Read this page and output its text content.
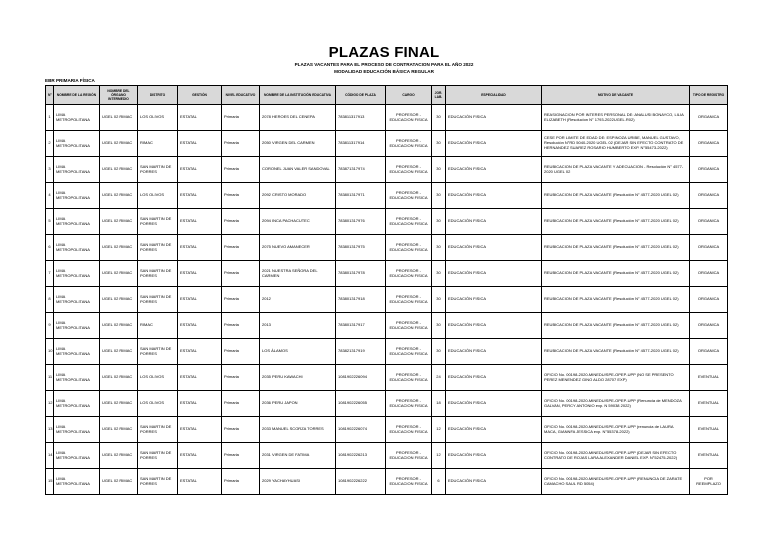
PLAZAS FINAL
PLAZAS VACANTES PARA EL PROCESO DE CONTRATACION PARA EL AÑO 2022
MODALIDAD EDUCACIÓN BÁSICA REGULAR
EBR PRIMARIA FÍSICA
N°	NOMBRE DE LA REGIÓN	NOMBRE DEL ÓRGANO INTERMEDIO	DISTRITO	GESTIÓN	NIVEL EDUCATIVO	NOMBRE DE LA INSTITUCIÓN EDUCATIVA	CÓDIGO DE PLAZA	CARGO	JOR. LAB.	ESPECIALIDAD	MOTIVO DE VACANTE	TIPO DE REGISTRO
1	LIMA METROPOLITANA	UGEL 02 RIMAC	LOS OLIVOS	ESTATAL	Primaria	2078 HEROES DEL CENEPA	783811317913	PROFESOR - EDUCACION FISICA	30	EDUCACIÓN FISICA	REASIGNACION POR INTERES PERSONAL DE: ANALUSI BONAYCO, LILIA ELIZABETH (Resolucion N° 1793-2022UGEL.R02)	ORGANICA
2	LIMA METROPOLITANA	UGEL 02 RIMAC	RIMAC	ESTATAL	Primaria	2050 VIRGEN DEL CARMEN	783811317914	PROFESOR - EDUCACION FISICA	30	EDUCACIÓN FISICA	CESE POR LIMITE DE EDAD DE: ESPINOZA URIBE, MANUEL GUSTAVO, Resolución N°RD 5040-2020 UGEL 02 (DEJAR SIN EFECTO CONTRATO DE HERNANDEZ SUAREZ ROSARIO HUMBERTO EXP. N°55473-2022)	ORGANICA
3	LIMA METROPOLITANA	UGEL 02 RIMAC	SAN MARTIN DE PORRES	ESTATAL	Primaria	CORONEL JUAN VALER SANDOVAL	783871317974	PROFESOR - EDUCACION FISICA	30	EDUCACIÓN FISICA	REUBICACION DE PLAZA VACANTE Y ADECUACION - Resolución N° 4577-2020 UGEL 02	ORGANICA
4	LIMA METROPOLITANA	UGEL 02 RIMAC	LOS OLIVOS	ESTATAL	Primaria	2092 CRISTO MORADO	783801317971	PROFESOR - EDUCACION FISICA	30	EDUCACIÓN FISICA	REUBICACION DE PLAZA VACANTE (Resolución N° 4577-2020 UGEL 02)	ORGANICA
5	LIMA METROPOLITANA	UGEL 02 RIMAC	SAN MARTIN DE PORRES	ESTATAL	Primaria	2094 INCA PACHACUTEC	783801317976	PROFESOR - EDUCACION FISICA	30	EDUCACIÓN FISICA	REUBICACION DE PLAZA VACANTE (Resolución N° 4577-2020 UGEL 02)	ORGANICA
6	LIMA METROPOLITANA	UGEL 02 RIMAC	SAN MARTIN DE PORRES	ESTATAL	Primaria	2075 NUEVO AMANECER	783801317975	PROFESOR - EDUCACION FISICA	30	EDUCACIÓN FISICA	REUBICACION DE PLAZA VACANTE (Resolución N° 4577-2020 UGEL 02)	ORGANICA
7	LIMA METROPOLITANA	UGEL 02 RIMAC	SAN MARTIN DE PORRES	ESTATAL	Primaria	2021 NUESTRA SEÑORA DEL CARMEN	783801317978	PROFESOR - EDUCACION FISICA	30	EDUCACIÓN FISICA	REUBICACION DE PLAZA VACANTE (Resolución N° 4577-2020 UGEL 02)	ORGANICA
8	LIMA METROPOLITANA	UGEL 02 RIMAC	SAN MARTIN DE PORRES	ESTATAL	Primaria	2012	783801317918	PROFESOR - EDUCACION FISICA	30	EDUCACIÓN FISICA	REUBICACION DE PLAZA VACANTE (Resolución N° 4577-2020 UGEL 02)	ORGANICA
9	LIMA METROPOLITANA	UGEL 02 RIMAC	RIMAC	ESTATAL	Primaria	2013	783801317917	PROFESOR - EDUCACION FISICA	30	EDUCACIÓN FISICA	REUBICACION DE PLAZA VACANTE (Resolución N° 4577-2020 UGEL 02)	ORGANICA
10	LIMA METROPOLITANA	UGEL 02 RIMAC	SAN MARTIN DE PORRES	ESTATAL	Primaria	LOS ÁLAMOS	783821317919	PROFESOR - EDUCACION FISICA	30	EDUCACIÓN FISICA	REUBICACION DE PLAZA VACANTE (Resolución N° 4577-2020 UGEL 02)	ORGANICA
11	LIMA METROPOLITANA	UGEL 02 RIMAC	LOS OLIVOS	ESTATAL	Primaria	2035 PERU KAWACHI	1081902226094	PROFESOR - EDUCACION FISICA	24	EDUCACIÓN FISICA	OFICIO No. 00198-2020-MINEDU/SPE-OPEP-UPP (NO SE PRESENTO PEREZ MENENDEZ GINO ALDO 28707 EXP)	EVENTUAL
12	LIMA METROPOLITANA	UGEL 02 RIMAC	LOS OLIVOS	ESTATAL	Primaria	2036 PERU JAPON	1081902226055	PROFESOR - EDUCACION FISICA	18	EDUCACIÓN FISICA	OFICIO No. 00198-2020-MINEDU/SPE-OPEP-UPP (Renuncia de MENDOZA GALVAN, PERCY ANTONIO exp. N 59038 2022)	EVENTUAL
13	LIMA METROPOLITANA	UGEL 02 RIMAC	SAN MARTIN DE PORRES	ESTATAL	Primaria	2033 MANUEL SCORZA TORRES	1081902226074	PROFESOR - EDUCACION FISICA	12	EDUCACIÓN FISICA	OFICIO No. 00198-2020-MINEDU/SPE-OPEP-UPP (renuncia de LAURA MACA, GIANNFA JESSICA exp. N°55378-2022)	EVENTUAL
14	LIMA METROPOLITANA	UGEL 02 RIMAC	SAN MARTIN DE PORRES	ESTATAL	Primaria	2031 VIRGEN DE FATIMA	1081902226213	PROFESOR - EDUCACION FISICA	12	EDUCACIÓN FISICA	OFICIO No. 00198-2020-MINEDU/SPE-OPEP-UPP (DEJAR SIN EFECTO CONTRATO DE ROJAS LARA ALEXANDER DANIEL EXP. N°52475-2022)	EVENTUAL
15	LIMA METROPOLITANA	UGEL 02 RIMAC	SAN MARTIN DE PORRES	ESTATAL	Primaria	2029 YACHAYHUASI	1081902226222	PROFESOR - EDUCACION FISICA	6	EDUCACIÓN FISICA	OFICIO No. 00198-2020-MINEDU/SPE-OPEP-UPP (RENUNCIA DE ZARATE CAMACHO SAUL RD 5054)	POR REEMPLAZO
